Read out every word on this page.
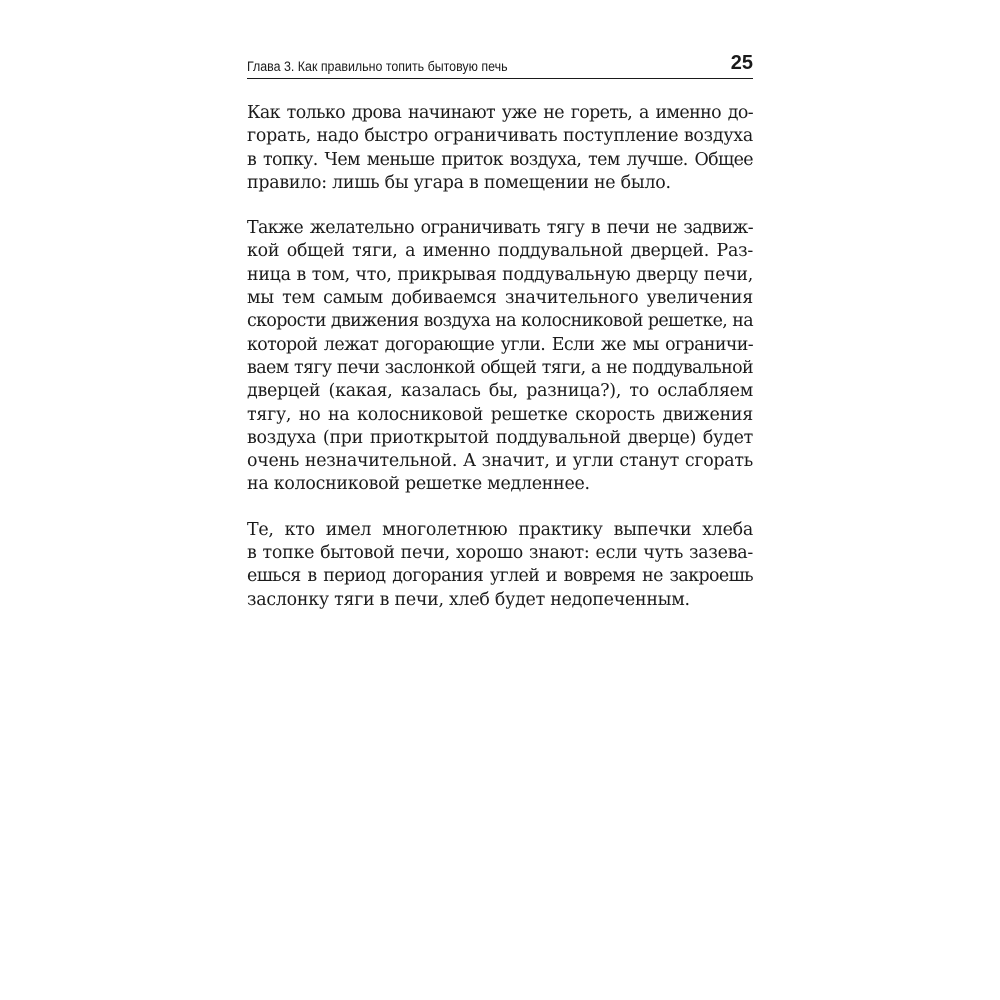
Глава 3. Как правильно топить бытовую печь	25

Как только дрова начинают уже не гореть, а именно до-
горать, надо быстро ограничивать поступление воздуха
в топку. Чем меньше приток воздуха, тем лучше. Общее
правило: лишь бы угара в помещении не было.

Также желательно ограничивать тягу в печи не задвиж-
кой общей тяги, а именно поддувальной дверцей. Раз-
ница в том, что, прикрывая поддувальную дверцу печи,
мы тем самым добиваемся значительного увеличения
скорости движения воздуха на колосниковой решетке, на
которой лежат догорающие угли. Если же мы ограничи-
ваем тягу печи заслонкой общей тяги, а не поддувальной
дверцей (какая, казалась бы, разница?), то ослабляем
тягу, но на колосниковой решетке скорость движения
воздуха (при приоткрытой поддувальной дверце) будет
очень незначительной. А значит, и угли станут сгорать
на колосниковой решетке медленнее.

Те, кто имел многолетнюю практику выпечки хлеба
в топке бытовой печи, хорошо знают: если чуть зазева-
ешься в период догорания углей и вовремя не закроешь
заслонку тяги в печи, хлеб будет недопеченным.
